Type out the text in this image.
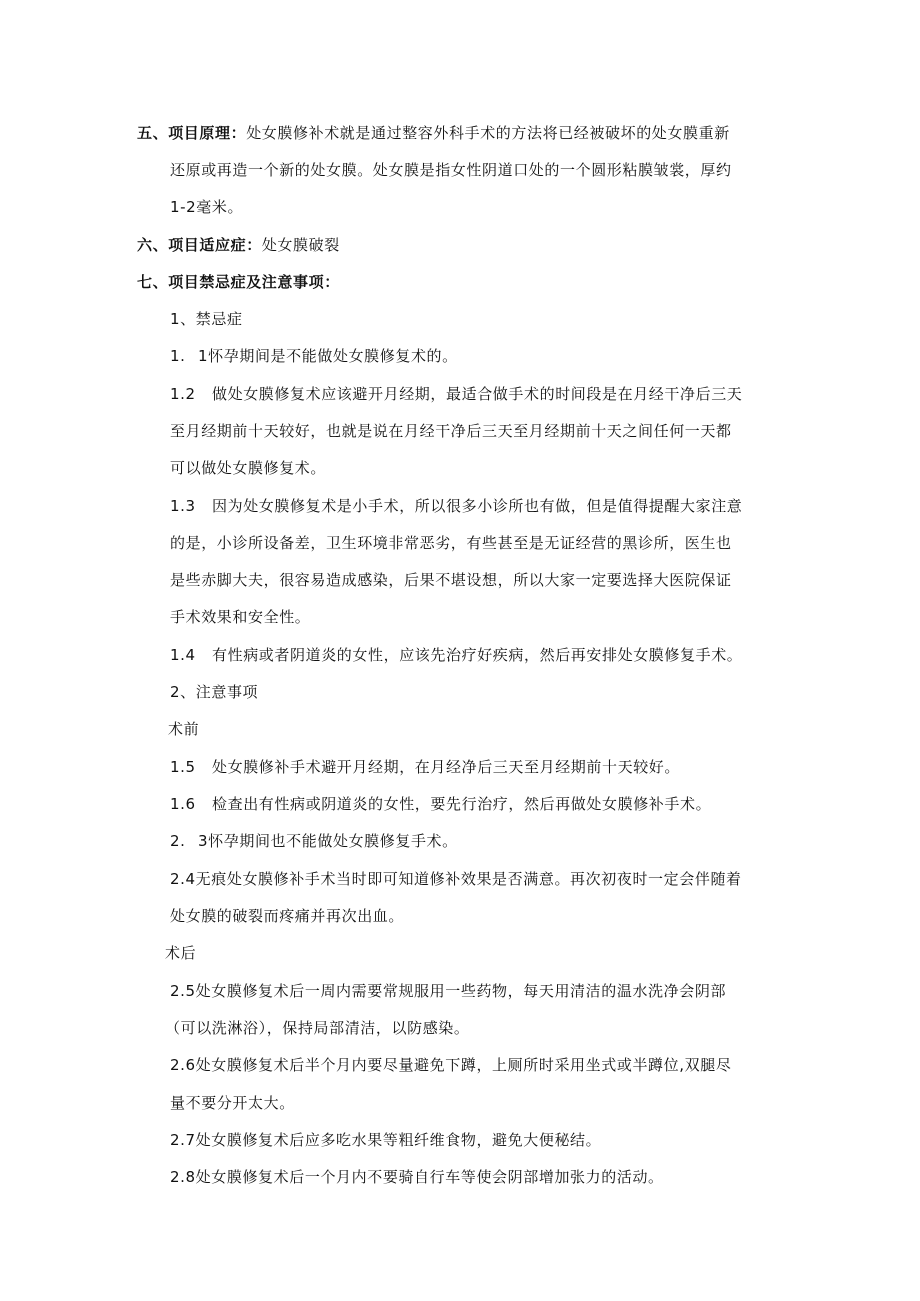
五、项目原理：处女膜修补术就是通过整容外科手术的方法将已经被破坏的处女膜重新
还原或再造一个新的处女膜。处女膜是指女性阴道口处的一个圆形粘膜皱裳，厚约
1-2毫米。
六、项目适应症：处女膜破裂
七、项目禁忌症及注意事项：
1、禁忌症
1. 1怀孕期间是不能做处女膜修复术的。
1.2 做处女膜修复术应该避开月经期，最适合做手术的时间段是在月经干净后三天
至月经期前十天较好，也就是说在月经干净后三天至月经期前十天之间任何一天都
可以做处女膜修复术。
1.3 因为处女膜修复术是小手术，所以很多小诊所也有做，但是值得提醒大家注意
的是，小诊所设备差，卫生环境非常恶劣，有些甚至是无证经营的黑诊所，医生也
是些赤脚大夫，很容易造成感染，后果不堪设想，所以大家一定要选择大医院保证
手术效果和安全性。
1.4 有性病或者阴道炎的女性，应该先治疗好疾病，然后再安排处女膜修复手术。
2、注意事项
术前
1.5 处女膜修补手术避开月经期，在月经净后三天至月经期前十天较好。
1.6 检查出有性病或阴道炎的女性，要先行治疗，然后再做处女膜修补手术。
2. 3怀孕期间也不能做处女膜修复手术。
2.4无痕处女膜修补手术当时即可知道修补效果是否满意。再次初夜时一定会伴随着
处女膜的破裂而疼痛并再次出血。
术后
2.5处女膜修复术后一周内需要常规服用一些药物，每天用清洁的温水洗净会阴部
（可以洗淋浴），保持局部清洁，以防感染。
2.6处女膜修复术后半个月内要尽量避免下蹲，上厕所时采用坐式或半蹲位,双腿尽
量不要分开太大。
2.7处女膜修复术后应多吃水果等粗纤维食物，避免大便秘结。
2.8处女膜修复术后一个月内不要骑自行车等使会阴部增加张力的活动。
